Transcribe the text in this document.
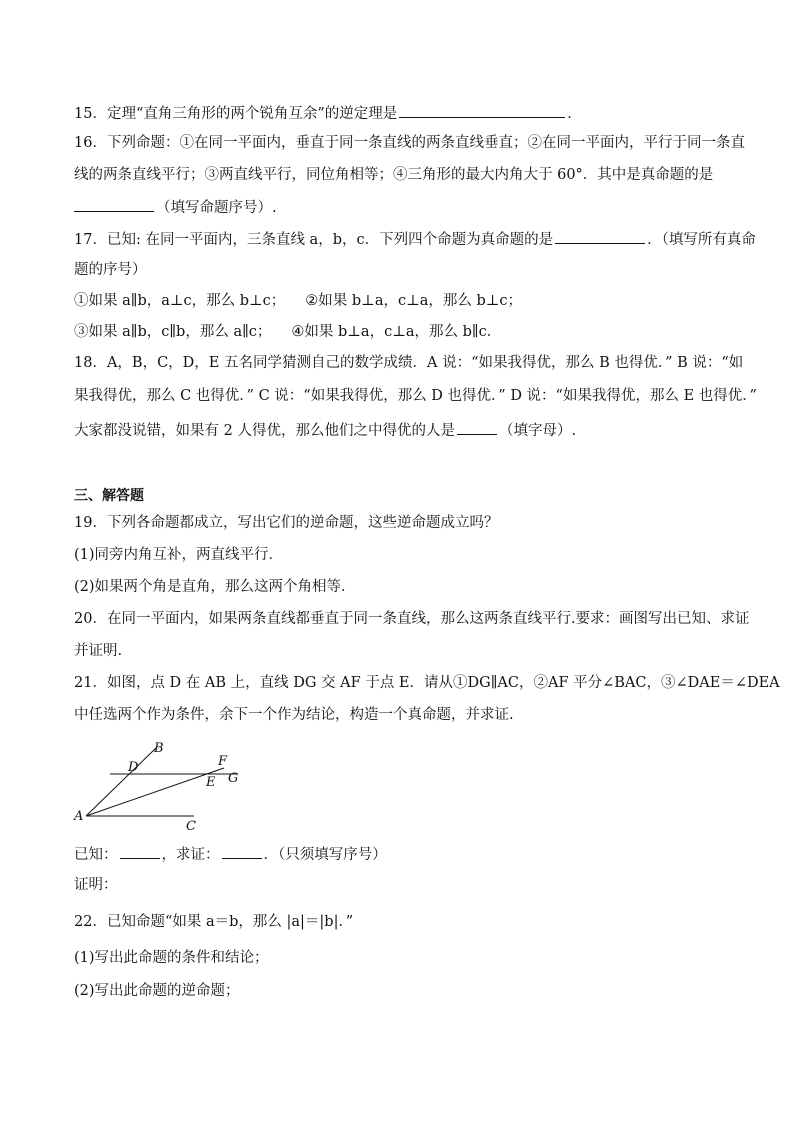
15．定理“直角三角形的两个锐角互余”的逆定理是	．
16．下列命题：①在同一平面内，垂直于同一条直线的两条直线垂直；②在同一平面内，平行于同一条直
线的两条直线平行；③两直线平行，同位角相等；④三角形的最大内角大于 60°．其中是真命题的是
（填写命题序号）.
17．已知: 在同一平面内，三条直线 a，b，c．下列四个命题为真命题的是	．（填写所有真命
题的序号）
①如果 a∥b，a⊥c，那么 b⊥c； ②如果 b⊥a，c⊥a，那么 b⊥c；
③如果 a∥b，c∥b，那么 a∥c； ④如果 b⊥a，c⊥a，那么 b∥c．
18．A，B，C，D，E 五名同学猜测自己的数学成绩．A 说：“如果我得优，那么 B 也得优．” B 说：“如
果我得优，那么 C 也得优．” C 说：“如果我得优，那么 D 也得优．” D 说：“如果我得优，那么 E 也得优．”
大家都没说错，如果有 2 人得优，那么他们之中得优的人是	（填字母）.
三、解答题
19．下列各命题都成立，写出它们的逆命题，这些逆命题成立吗？
(1)同旁内角互补，两直线平行．
(2)如果两个角是直角，那么这两个角相等．
20．在同一平面内，如果两条直线都垂直于同一条直线，那么这两条直线平行.要求：画图写出已知、求证
并证明.
21．如图，点 D 在 AB 上，直线 DG 交 AF 于点 E．请从①DG∥AC，②AF 平分∠BAC，③∠DAE＝∠DEA
中任选两个作为条件，余下一个作为结论，构造一个真命题，并求证.
B
D	F
E G
A
C
已知：	，求证：	．（只须填写序号）
证明：
22．已知命题“如果 a＝b，那么 |a|＝|b|．”
(1)写出此命题的条件和结论；
(2)写出此命题的逆命题；
